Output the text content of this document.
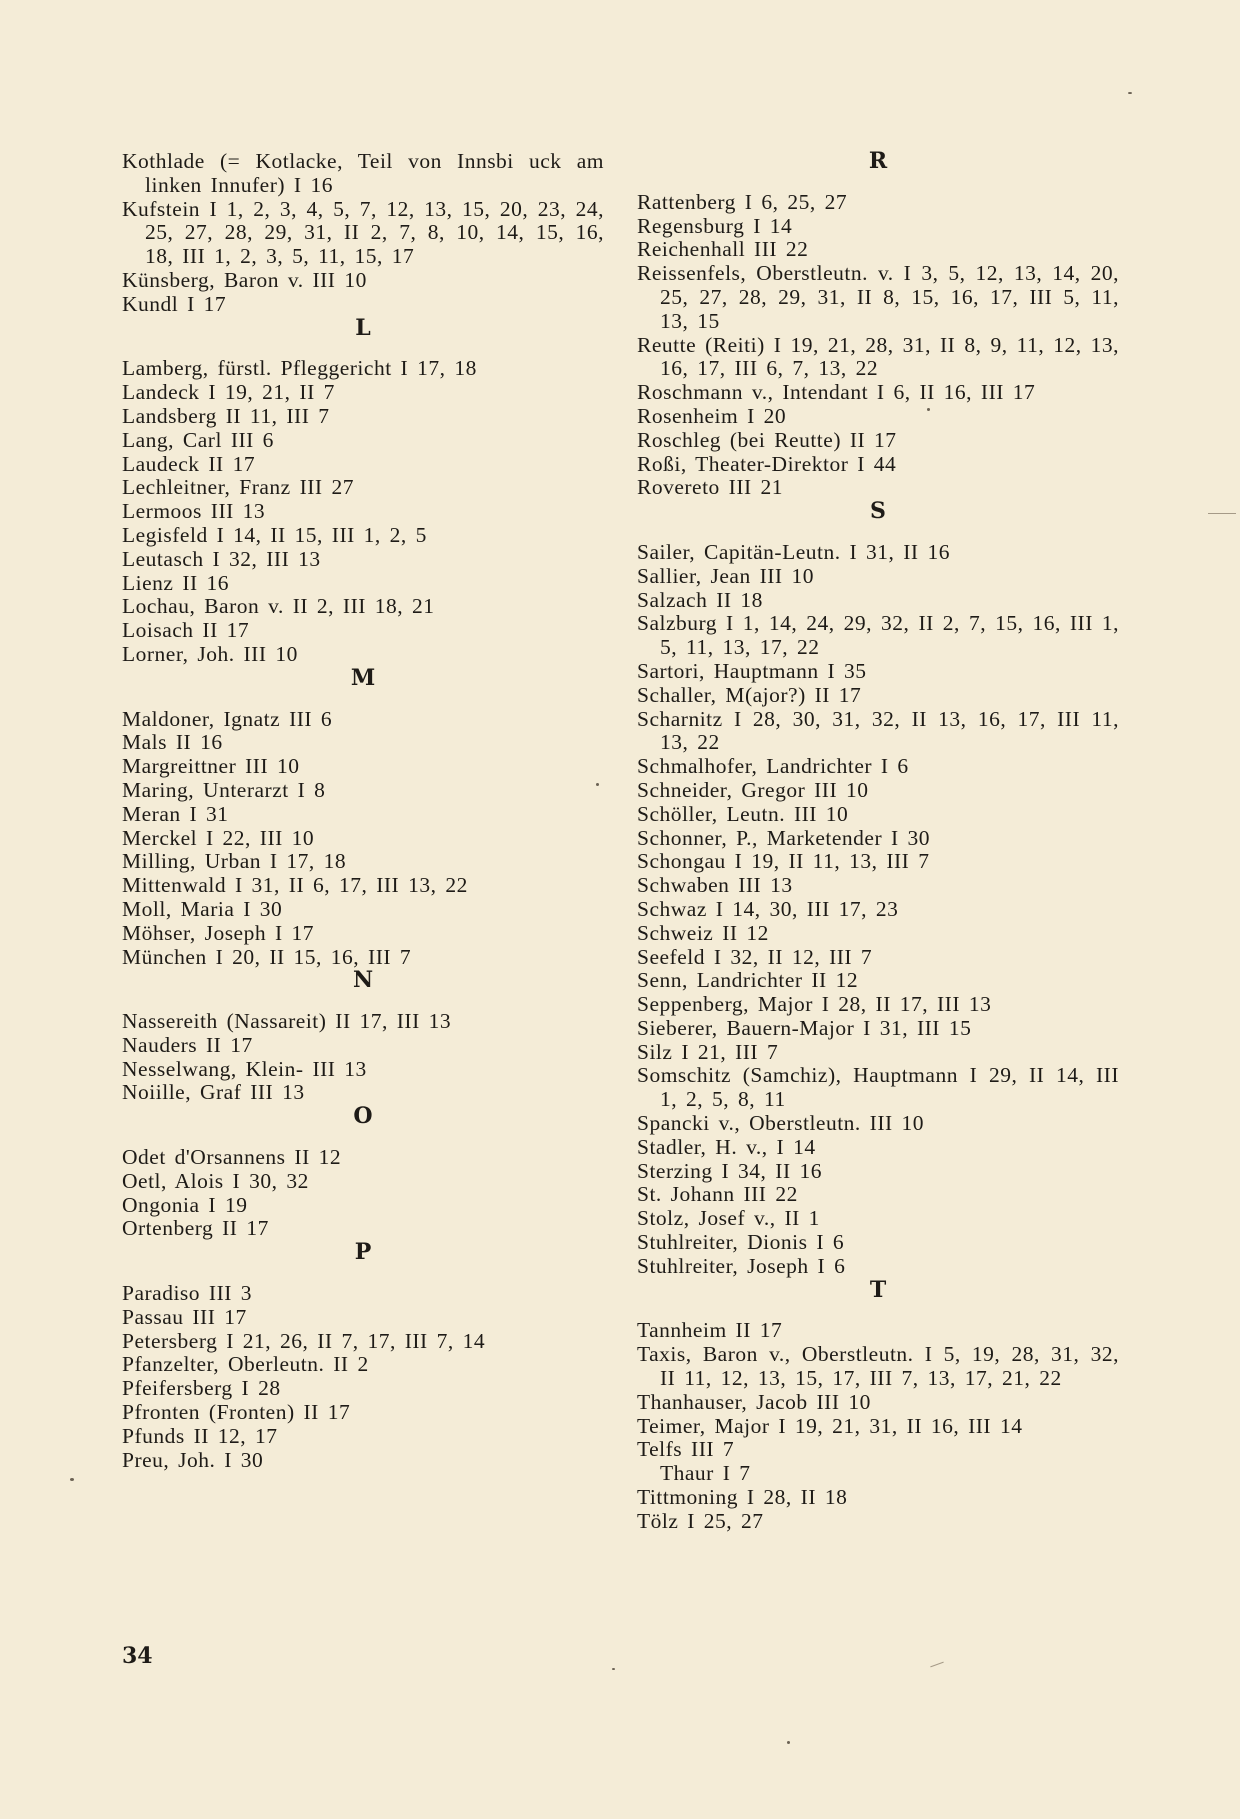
Kothlade (= Kotlacke, Teil von Innsbi uck am linken Innufer) I 16
Kufstein I 1, 2, 3, 4, 5, 7, 12, 13, 15, 20, 23, 24, 25, 27, 28, 29, 31, II 2, 7, 8, 10, 14, 15, 16, 18, III 1, 2, 3, 5, 11, 15, 17
Künsberg, Baron v. III 10
Kundl I 17
L
Lamberg, fürstl. Pfleggericht I 17, 18
Landeck I 19, 21, II 7
Landsberg II 11, III 7
Lang, Carl III 6
Laudeck II 17
Lechleitner, Franz III 27
Lermoos III 13
Legisfeld I 14, II 15, III 1, 2, 5
Leutasch I 32, III 13
Lienz II 16
Lochau, Baron v. II 2, III 18, 21
Loisach II 17
Lorner, Joh. III 10
M
Maldoner, Ignatz III 6
Mals II 16
Margreittner III 10
Maring, Unterarzt I 8
Meran I 31
Merckel I 22, III 10
Milling, Urban I 17, 18
Mittenwald I 31, II 6, 17, III 13, 22
Moll, Maria I 30
Möhser, Joseph I 17
München I 20, II 15, 16, III 7
N
Nassereith (Nassareit) II 17, III 13
Nauders II 17
Nesselwang, Klein- III 13
Noiille, Graf III 13
O
Odet d'Orsannens II 12
Oetl, Alois I 30, 32
Ongonia I 19
Ortenberg II 17
P
Paradiso III 3
Passau III 17
Petersberg I 21, 26, II 7, 17, III 7, 14
Pfanzelter, Oberleutn. II 2
Pfeifersberg I 28
Pfronten (Fronten) II 17
Pfunds II 12, 17
Preu, Joh. I 30
R
Rattenberg I 6, 25, 27
Regensburg I 14
Reichenhall III 22
Reissenfels, Oberstleutn. v. I 3, 5, 12, 13, 14, 20, 25, 27, 28, 29, 31, II 8, 15, 16, 17, III 5, 11, 13, 15
Reutte (Reiti) I 19, 21, 28, 31, II 8, 9, 11, 12, 13, 16, 17, III 6, 7, 13, 22
Roschmann v., Intendant I 6, II 16, III 17
Rosenheim I 20
Roschleg (bei Reutte) II 17
Roßi, Theater-Direktor I 44
Rovereto III 21
S
Sailer, Capitän-Leutn. I 31, II 16
Sallier, Jean III 10
Salzach II 18
Salzburg I 1, 14, 24, 29, 32, II 2, 7, 15, 16, III 1, 5, 11, 13, 17, 22
Sartori, Hauptmann I 35
Schaller, M(ajor?) II 17
Scharnitz I 28, 30, 31, 32, II 13, 16, 17, III 11, 13, 22
Schmalhofer, Landrichter I 6
Schneider, Gregor III 10
Schöller, Leutn. III 10
Schonner, P., Marketender I 30
Schongau I 19, II 11, 13, III 7
Schwaben III 13
Schwaz I 14, 30, III 17, 23
Schweiz II 12
Seefeld I 32, II 12, III 7
Senn, Landrichter II 12
Seppenberg, Major I 28, II 17, III 13
Sieberer, Bauern-Major I 31, III 15
Silz I 21, III 7
Somschitz (Samchiz), Hauptmann I 29, II 14, III 1, 2, 5, 8, 11
Spancki v., Oberstleutn. III 10
Stadler, H. v., I 14
Sterzing I 34, II 16
St. Johann III 22
Stolz, Josef v., II 1
Stuhlreiter, Dionis I 6
Stuhlreiter, Joseph I 6
T
Tannheim II 17
Taxis, Baron v., Oberstleutn. I 5, 19, 28, 31, 32, II 11, 12, 13, 15, 17, III 7, 13, 17, 21, 22
Thanhauser, Jacob III 10
Teimer, Major I 19, 21, 31, II 16, III 14
Telfs III 7
Thaur I 7
Tittmoning I 28, II 18
Tölz I 25, 27
34
